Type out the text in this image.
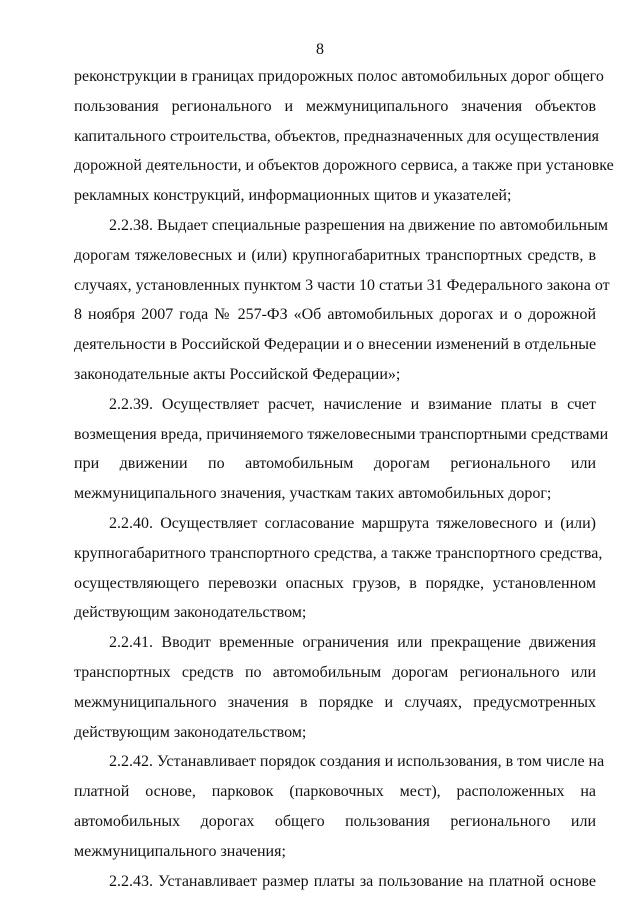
8
реконструкции в границах придорожных полос автомобильных дорог общего
пользования регионального и межмуниципального значения объектов
капитального строительства, объектов, предназначенных для осуществления
дорожной деятельности, и объектов дорожного сервиса, а также при установке
рекламных конструкций, информационных щитов и указателей;
2.2.38. Выдает специальные разрешения на движение по автомобильным
дорогам тяжеловесных и (или) крупногабаритных транспортных средств, в
случаях, установленных пунктом 3 части 10 статьи 31 Федерального закона от
8 ноября 2007 года № 257-ФЗ «Об автомобильных дорогах и о дорожной
деятельности в Российской Федерации и о внесении изменений в отдельные
законодательные акты Российской Федерации»;
2.2.39. Осуществляет расчет, начисление и взимание платы в счет
возмещения вреда, причиняемого тяжеловесными транспортными средствами
при движении по автомобильным дорогам регионального или
межмуниципального значения, участкам таких автомобильных дорог;
2.2.40. Осуществляет согласование маршрута тяжеловесного и (или)
крупногабаритного транспортного средства, а также транспортного средства,
осуществляющего перевозки опасных грузов, в порядке, установленном
действующим законодательством;
2.2.41. Вводит временные ограничения или прекращение движения
транспортных средств по автомобильным дорогам регионального или
межмуниципального значения в порядке и случаях, предусмотренных
действующим законодательством;
2.2.42. Устанавливает порядок создания и использования, в том числе на
платной основе, парковок (парковочных мест), расположенных на
автомобильных дорогах общего пользования регионального или
межмуниципального значения;
2.2.43. Устанавливает размер платы за пользование на платной основе
